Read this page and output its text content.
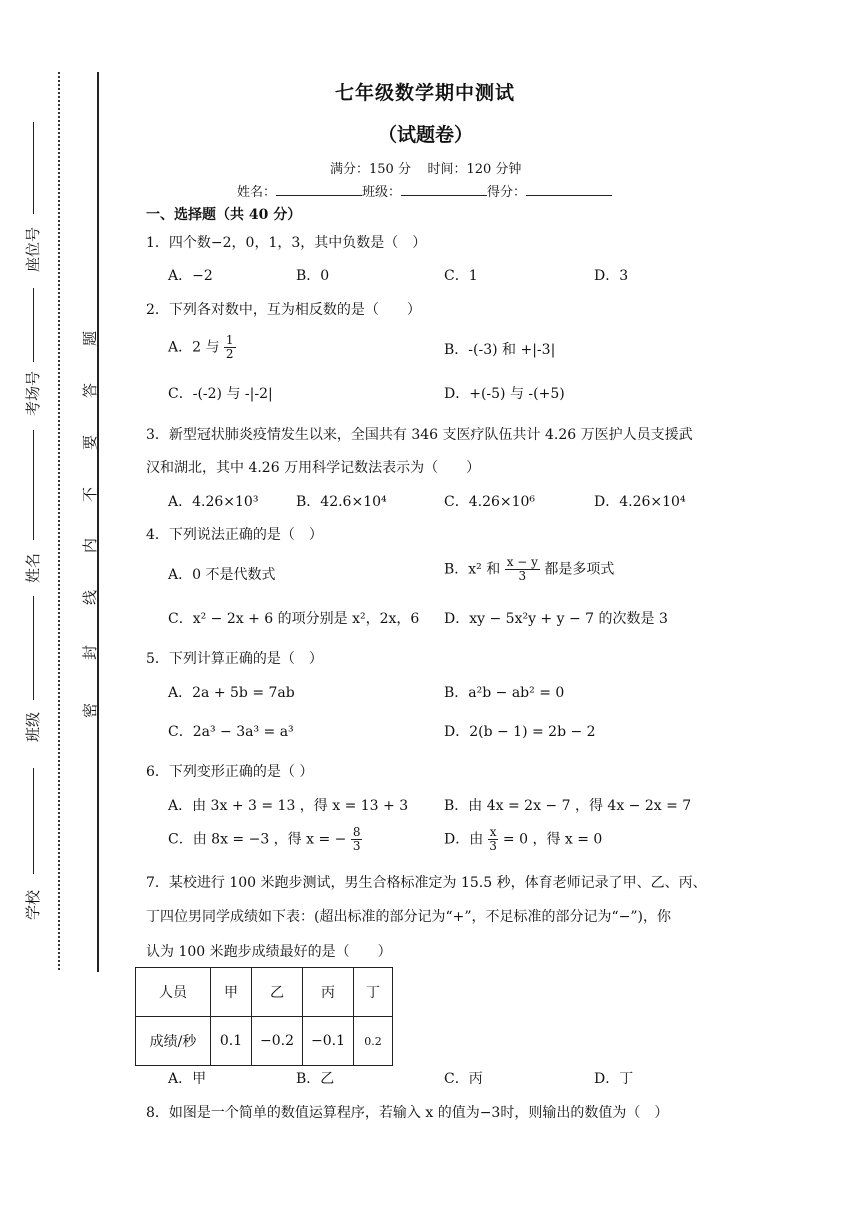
座位号
考场号
姓名
班级
学校
密
封
线
内
不
要
答
题
七年级数学期中测试
（试题卷）
满分：150 分    时间：120 分钟
姓名：	班级：	得分：
一、选择题（共 40 分）
1．四个数−2，0，1，3，其中负数是（　）
A．−2	B．0	C．1	D．3
2．下列各对数中，互为相反数的是（　　）
A．2 与 $\frac{1}{2}$	B．-(-3) 和 +|-3|
C．-(-2) 与 -|-2|	D．+(-5) 与 -(+5)
3．新型冠状肺炎疫情发生以来，全国共有 346 支医疗队伍共计 4.26 万医护人员支援武
汉和湖北，其中 4.26 万用科学记数法表示为（　　）
A．4.26×10³	B．42.6×10⁴	C．4.26×10⁶	D．4.26×10⁴
4．下列说法正确的是（　）
A．0 不是代数式	B．x² 和 $\frac{x - y}{3}$ 都是多项式
C．x² − 2x + 6 的项分别是 x²，2x，6 D．xy − 5x²y + y − 7 的次数是 3
5．下列计算正确的是（　）
A．2a + 5b = 7ab	B．a²b − ab² = 0
C．2a³ − 3a³ = a³	D．2(b − 1) = 2b − 2
6．下列变形正确的是（ ）
A．由 3x + 3 = 13 ，得 x = 13 + 3	B．由 4x = 2x − 7 ，得 4x − 2x = 7
C．由 8x = −3 ，得 x = − $\frac{8}{3}$	D．由 $\frac{x}{3} = 0$ ，得 x = 0
7．某校进行 100 米跑步测试，男生合格标准定为 15.5 秒，体育老师记录了甲、乙、丙、
丁四位男同学成绩如下表：(超出标准的部分记为“+”，不足标准的部分记为“−”)，你
认为 100 米跑步成绩最好的是（　　）
人员	甲	乙	丙	丁
成绩/秒	0.1	−0.2	−0.1	0.2
A．甲	B．乙	C．丙	D．丁
8．如图是一个简单的数值运算程序，若输入 x 的值为−3时，则输出的数值为（　）
